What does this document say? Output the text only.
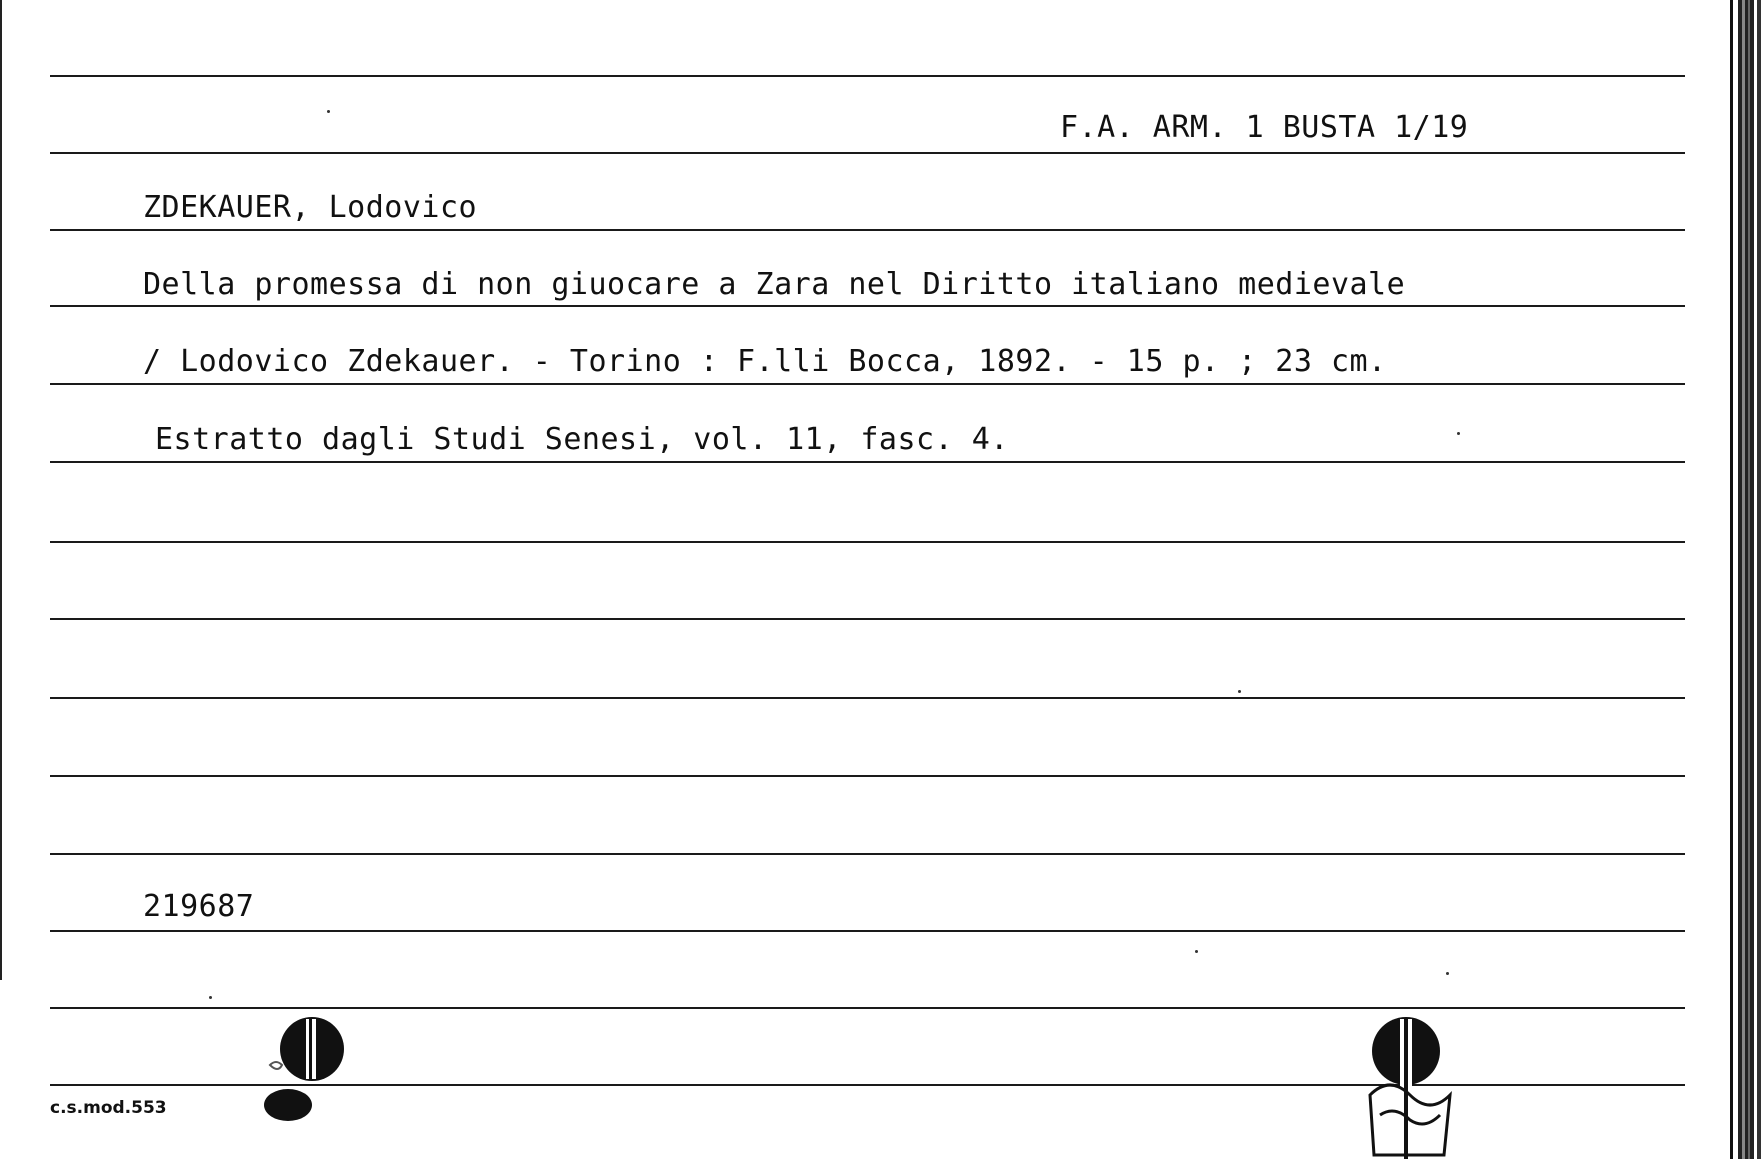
F.A. ARM. 1 BUSTA 1/19
ZDEKAUER, Lodovico
Della promessa di non giuocare a Zara nel Diritto italiano medievale
/ Lodovico Zdekauer. - Torino : F.lli Bocca, 1892. - 15 p. ; 23 cm.
Estratto dagli Studi Senesi, vol. 11, fasc. 4.
219687
c.s.mod.553
